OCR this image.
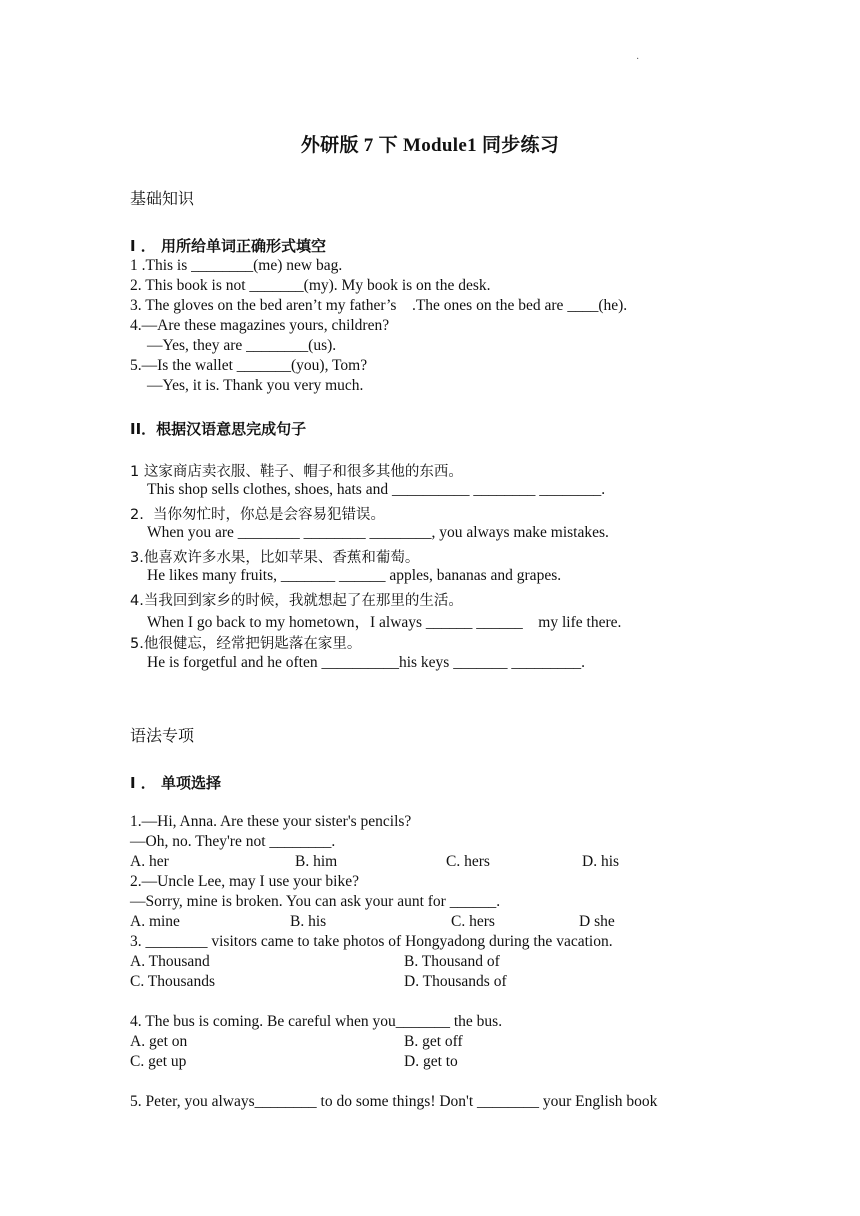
·
外研版 7 下 Module1 同步练习
基础知识
I ． 用所给单词正确形式填空
1 .This is ________(me) new bag.
2. This book is not _______(my). My book is on the desk.
3. The gloves on the bed aren’t my father’s    .The ones on the bed are ____(he).
4.—Are these magazines yours, children?
—Yes, they are ________(us).
5.—Is the wallet _______(you), Tom?
—Yes, it is. Thank you very much.
II．根据汉语意思完成句子
1 这家商店卖衣服、鞋子、帽子和很多其他的东西。
This shop sells clothes, shoes, hats and __________ ________ ________.
2.  当你匆忙时，你总是会容易犯错误。
When you are ________ ________ ________, you always make mistakes.
3.他喜欢许多水果，比如苹果、香蕉和葡萄。
He likes many fruits, _______ ______ apples, bananas and grapes.
4.当我回到家乡的时候，我就想起了在那里的生活。
When I go back to my hometown，I always ______ ______    my life there.
5.他很健忘，经常把钥匙落在家里。
He is forgetful and he often __________his keys _______ _________.
语法专项
I ． 单项选择
1.—Hi, Anna. Are these your sister's pencils?
—Oh, no. They're not ________.
A. her	B. him	C. hers	D. his
2.—Uncle Lee, may I use your bike?
—Sorry, mine is broken. You can ask your aunt for ______.
A. mine	B. his	C. hers	D she
3. ________ visitors came to take photos of Hongyadong during the vacation.
A. Thousand	B. Thousand of
C. Thousands	D. Thousands of
4. The bus is coming. Be careful when you_______ the bus.
A. get on	B. get off
C. get up	D. get to
5. Peter, you always________ to do some things! Don't ________ your English book
